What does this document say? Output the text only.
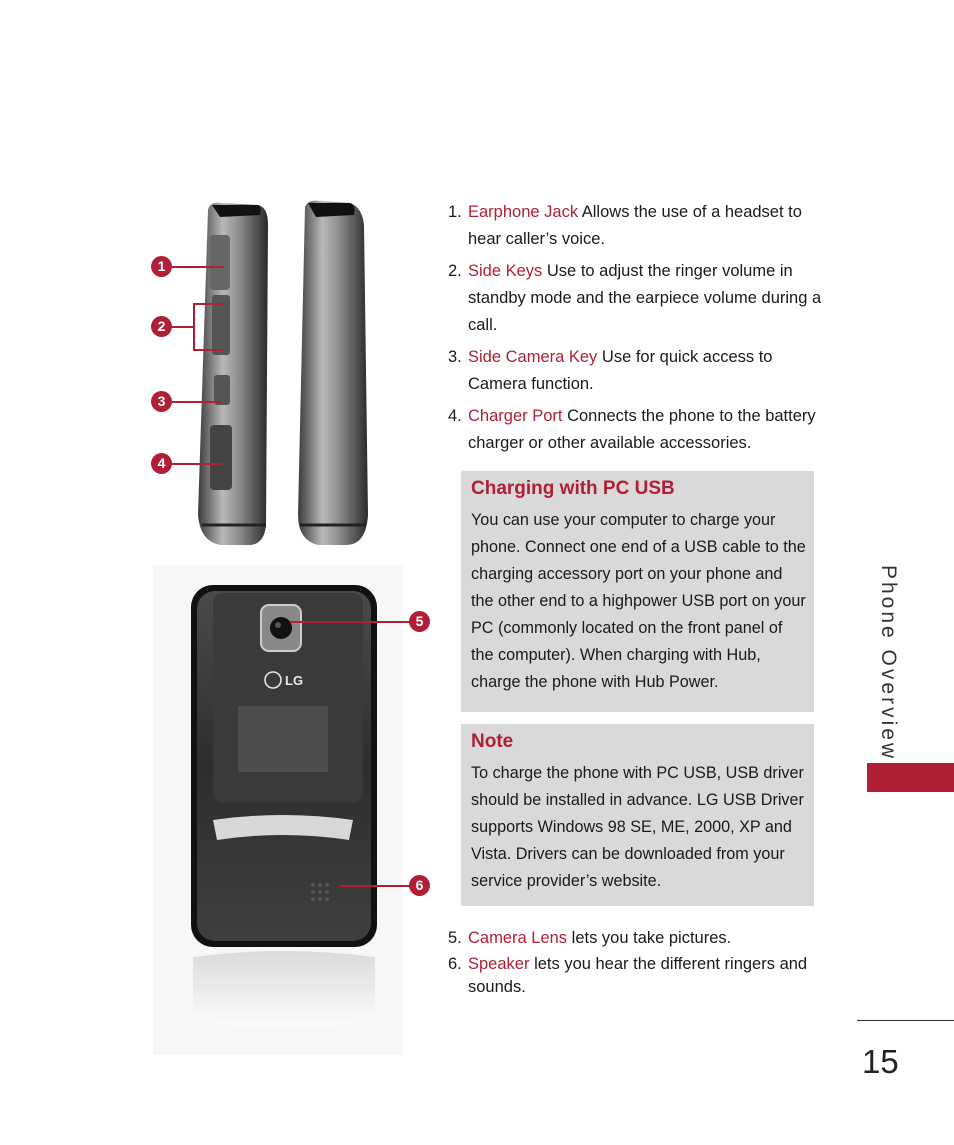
LG
1
2
3
4
5
6

1. Earphone Jack Allows the use of a headset to hear caller’s voice.

2. Side Keys Use to adjust the ringer volume in standby mode and the earpiece volume during a call.

3. Side Camera Key Use for quick access to Camera function.

4. Charger Port Connects the phone to the battery charger or other available accessories.

Charging with PC USB

You can use your computer to charge your phone. Connect one end of a USB cable to the charging accessory port on your phone and the other end to a highpower USB port on your PC (commonly located on the front panel of the computer). When charging with Hub, charge the phone with Hub Power.

Note

To charge the phone with PC USB, USB driver should be installed in advance. LG USB Driver supports Windows 98 SE, ME, 2000, XP and Vista. Drivers can be downloaded from your service provider’s website.

5. Camera Lens lets you take pictures.

6. Speaker lets you hear the different ringers and sounds.

Phone Overview
15
